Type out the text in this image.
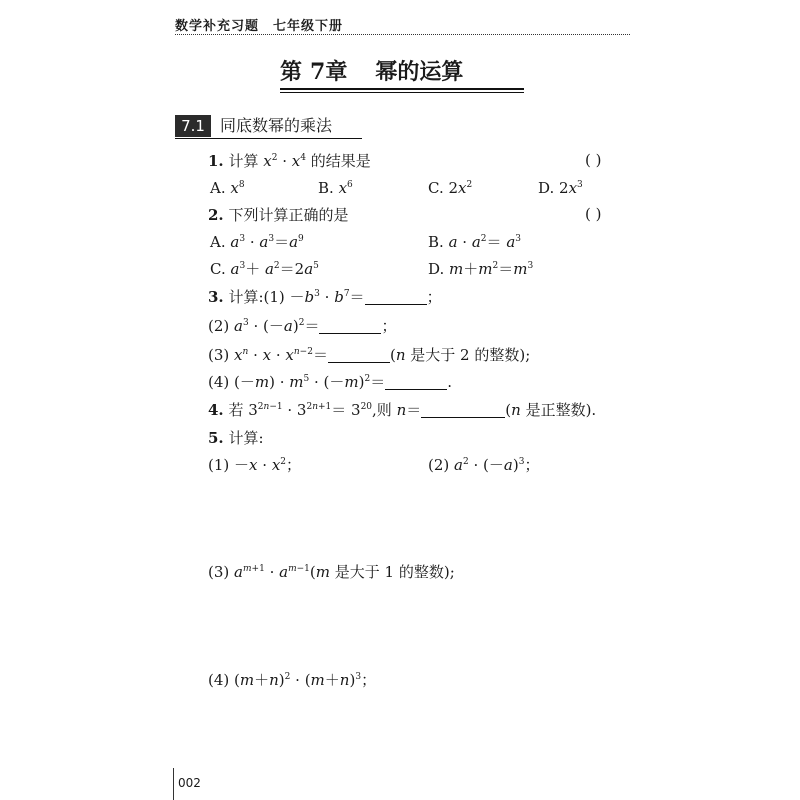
数学补充习题 七年级下册
第 7章 幂的运算
7.1 同底数幂的乘法
1. 计算 $x^2 \cdot x^4$ 的结果是	( )
A. $x^8$	B. $x^6$	C. $2x^2$	D. $2x^3$
2. 下列计算正确的是	( )
A. $a^3 \cdot a^3=a^9$	B. $a \cdot a^2= a^3$
C. $a^3+ a^2=2a^5$	D. $m+m^2=m^3$
3. 计算:(1) $-b^3 \cdot b^7=$	；
(2) $a^3 \cdot (-a)^2=$	；
(3) $x^n \cdot x \cdot x^{n-2}=$	(n 是大于 2 的整数);
(4) $(-m) \cdot m^5 \cdot (-m)^2=$	.
4. 若 $3^{2n-1} \cdot 3^{2n+1}= 3^{20}$,则 n＝	(n 是正整数).
5. 计算:
$(1) -x \cdot x^2$；	(2) $a^2 \cdot (-a)^3$；
(3) $a^{m+1} \cdot a^{m-1}(m$ 是大于 1 的整数);
(4) $(m+n)^2 \cdot (m+n)^3$；
002
